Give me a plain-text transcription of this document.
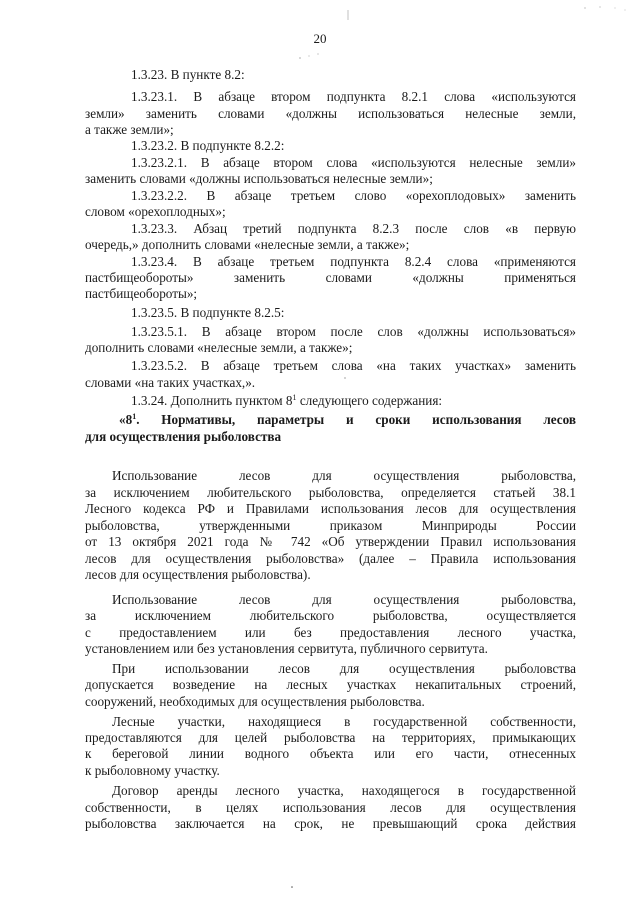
20
1.3.23. В пункте 8.2:
1.3.23.1. В абзаце втором подпункта 8.2.1 слова «используются
земли» заменить словами «должны использоваться нелесные земли,
а также земли»;
1.3.23.2. В подпункте 8.2.2:
1.3.23.2.1. В абзаце втором слова «используются нелесные земли»
заменить словами «должны использоваться нелесные земли»;
1.3.23.2.2. В абзаце третьем слово «орехоплодовых» заменить
словом «орехоплодных»;
1.3.23.3. Абзац третий подпункта 8.2.3 после слов «в первую
очередь,» дополнить словами «нелесные земли, а также»;
1.3.23.4. В абзаце третьем подпункта 8.2.4 слова «применяются
пастбищеобороты» заменить словами «должны применяться
пастбищеобороты»;
1.3.23.5. В подпункте 8.2.5:
1.3.23.5.1. В абзаце втором после слов «должны использоваться»
дополнить словами «нелесные земли, а также»;
1.3.23.5.2. В абзаце третьем слова «на таких участках» заменить
словами «на таких участках,».
1.3.24. Дополнить пунктом $8^1$ следующего содержания:
«$8^1$. Нормативы, параметры и сроки использования лесов
для осуществления рыболовства
Использование лесов для осуществления рыболовства,
за исключением любительского рыболовства, определяется статьей 38.1
Лесного кодекса РФ и Правилами использования лесов для осуществления
рыболовства, утвержденными приказом Минприроды России
от 13 октября 2021 года № 742 «Об утверждении Правил использования
лесов для осуществления рыболовства» (далее – Правила использования
лесов для осуществления рыболовства).
Использование лесов для осуществления рыболовства,
за исключением любительского рыболовства, осуществляется
с предоставлением или без предоставления лесного участка,
установлением или без установления сервитута, публичного сервитута.
При использовании лесов для осуществления рыболовства
допускается возведение на лесных участках некапитальных строений,
сооружений, необходимых для осуществления рыболовства.
Лесные участки, находящиеся в государственной собственности,
предоставляются для целей рыболовства на территориях, примыкающих
к береговой линии водного объекта или его части, отнесенных
к рыболовному участку.
Договор аренды лесного участка, находящегося в государственной
собственности, в целях использования лесов для осуществления
рыболовства заключается на срок, не превышающий срока действия
